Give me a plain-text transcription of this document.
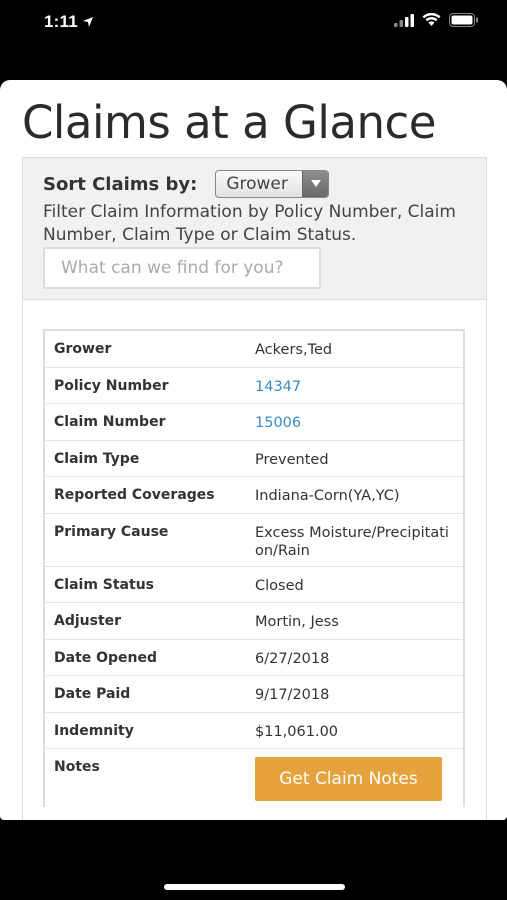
1:11
Claims at a Glance
Sort Claims by:	Grower
Filter Claim Information by Policy Number, Claim Number, Claim Type or Claim Status.
What can we find for you?
Grower	Ackers,Ted
Policy Number	14347
Claim Number	15006
Claim Type	Prevented
Reported Coverages	Indiana-Corn(YA,YC)
Primary Cause	Excess Moisture/Precipitation/Rain
Claim Status	Closed
Adjuster	Mortin, Jess
Date Opened	6/27/2018
Date Paid	9/17/2018
Indemnity	$11,061.00
Notes
Get Claim Notes
